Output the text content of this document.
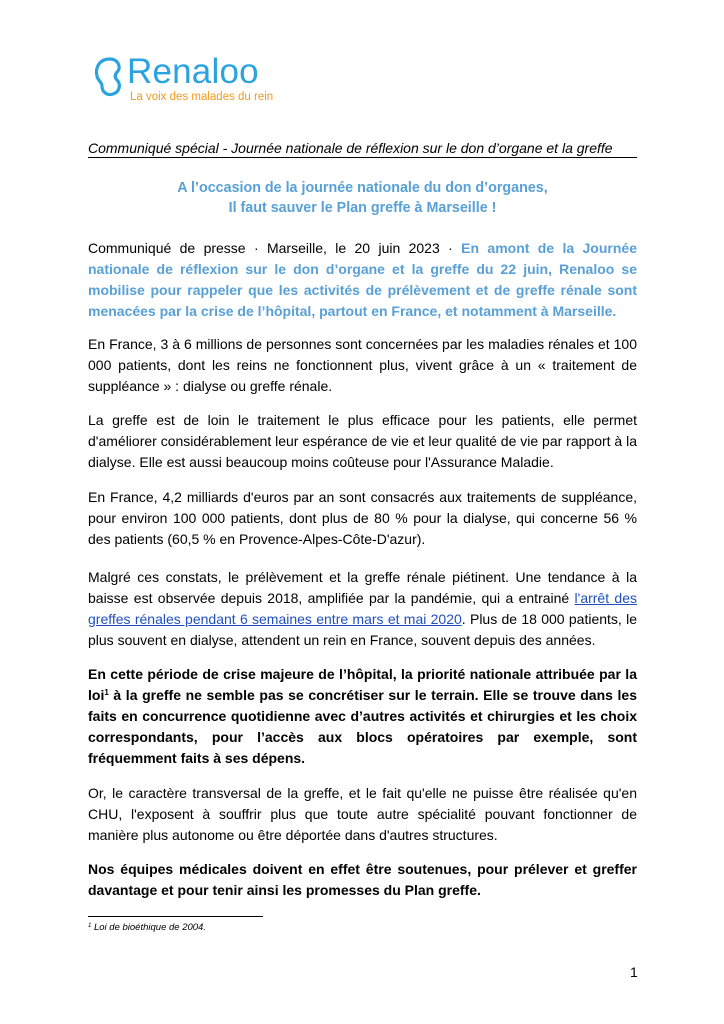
Renaloo
La voix des malades du rein
Communiqué spécial - Journée nationale de réflexion sur le don d’organe et la greffe
A l’occasion de la journée nationale du don d’organes,
Il faut sauver le Plan greffe à Marseille !

Communiqué de presse · Marseille, le 20 juin 2023 · En amont de la Journée nationale de réflexion sur le don d’organe et la greffe du 22 juin, Renaloo se mobilise pour rappeler que les activités de prélèvement et de greffe rénale sont menacées par la crise de l’hôpital, partout en France, et notamment à Marseille.

En France, 3 à 6 millions de personnes sont concernées par les maladies rénales et 100 000 patients, dont les reins ne fonctionnent plus, vivent grâce à un « traitement de suppléance » : dialyse ou greffe rénale.

La greffe est de loin le traitement le plus efficace pour les patients, elle permet d'améliorer considérablement leur espérance de vie et leur qualité de vie par rapport à la dialyse. Elle est aussi beaucoup moins coûteuse pour l'Assurance Maladie.

En France, 4,2 milliards d'euros par an sont consacrés aux traitements de suppléance, pour environ 100 000 patients, dont plus de 80 % pour la dialyse, qui concerne 56 % des patients (60,5 % en Provence-Alpes-Côte-D'azur).

Malgré ces constats, le prélèvement et la greffe rénale piétinent. Une tendance à la baisse est observée depuis 2018, amplifiée par la pandémie, qui a entrainé l'arrêt des greffes rénales pendant 6 semaines entre mars et mai 2020. Plus de 18 000 patients, le plus souvent en dialyse, attendent un rein en France, souvent depuis des années.

En cette période de crise majeure de l’hôpital, la priorité nationale attribuée par la loi$^1$ à la greffe ne semble pas se concrétiser sur le terrain. Elle se trouve dans les faits en concurrence quotidienne avec d’autres activités et chirurgies et les choix correspondants, pour l’accès aux blocs opératoires par exemple, sont fréquemment faits à ses dépens.

Or, le caractère transversal de la greffe, et le fait qu'elle ne puisse être réalisée qu'en CHU, l'exposent à souffrir plus que toute autre spécialité pouvant fonctionner de manière plus autonome ou être déportée dans d'autres structures.

Nos équipes médicales doivent en effet être soutenues, pour prélever et greffer davantage et pour tenir ainsi les promesses du Plan greffe.

$^1$ Loi de bioéthique de 2004.
1
